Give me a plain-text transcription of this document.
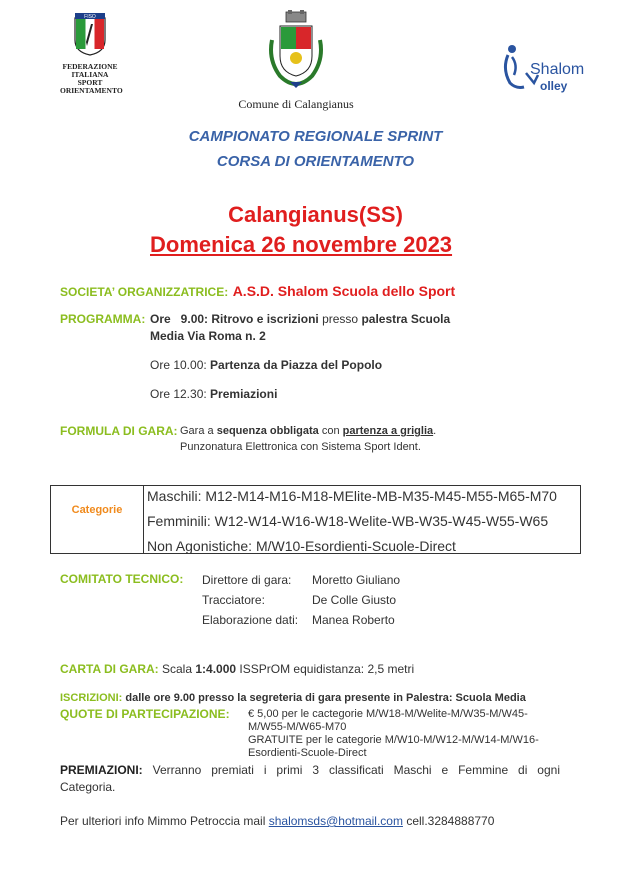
FISO
FEDERAZIONE
ITALIANA
SPORT
ORIENTAMENTO
Comune di Calangianus
Shalom
olley
CAMPIONATO REGIONALE SPRINT
CORSA DI ORIENTAMENTO
Calangianus(SS)
Domenica 26 novembre 2023
SOCIETA’ ORGANIZZATRICE: A.S.D. Shalom Scuola dello Sport
PROGRAMMA: Ore   9.00: Ritrovo e iscrizioni presso palestra Scuola
Media Via Roma n. 2
Ore 10.00: Partenza da Piazza del Popolo
Ore 12.30: Premiazioni
FORMULA DI GARA: Gara a sequenza obbligata con partenza a griglia.
Punzonatura Elettronica con Sistema Sport Ident.
Categorie
Maschili: M12-M14-M16-M18-MElite-MB-M35-M45-M55-M65-M70
Femminili: W12-W14-W16-W18-Welite-WB-W35-W45-W55-W65
Non Agonistiche: M/W10-Esordienti-Scuole-Direct
COMITATO TECNICO: Direttore di gara: Moretto Giuliano
Tracciatore:	De Colle Giusto
Elaborazione dati: Manea Roberto
CARTA DI GARA: Scala 1:4.000 ISSPrOM equidistanza: 2,5 metri
ISCRIZIONI: dalle ore 9.00 presso la segreteria di gara presente in Palestra: Scuola Media
QUOTE DI PARTECIPAZIONE: € 5,00 per le cactegorie M/W18-M/Welite-M/W35-M/W45-
M/W55-M/W65-M70
GRATUITE per le categorie M/W10-M/W12-M/W14-M/W16-
Esordienti-Scuole-Direct
PREMIAZIONI: Verranno premiati i primi 3 classificati Maschi e Femmine di ogni
Categoria.
Per ulteriori info Mimmo Petroccia mail shalomsds@hotmail.com cell.3284888770
